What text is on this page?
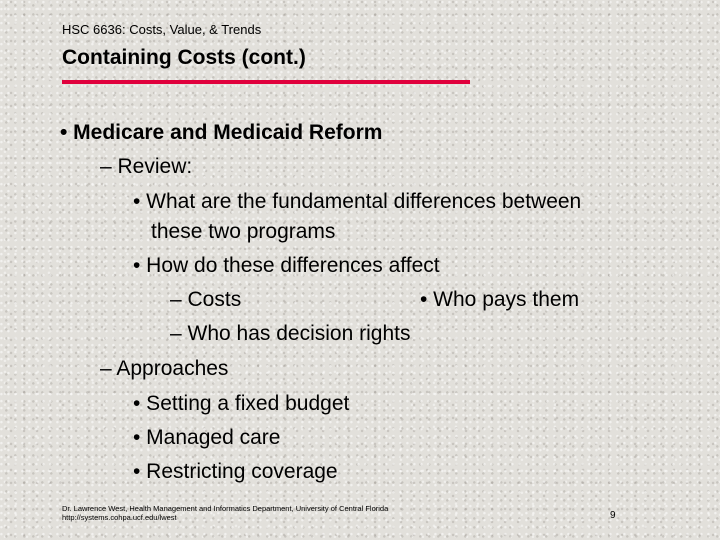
HSC 6636: Costs, Value, & Trends
Containing Costs (cont.)
• Medicare and Medicaid Reform
– Review:
• What are the fundamental differences between
these two programs
• How do these differences affect
– Costs	• Who pays them
– Who has decision rights
– Approaches
• Setting a fixed budget
• Managed care
• Restricting coverage
Dr. Lawrence West, Health Management and Informatics Department, University of Central Florida
http://systems.cohpa.ucf.edu/lwest	9
